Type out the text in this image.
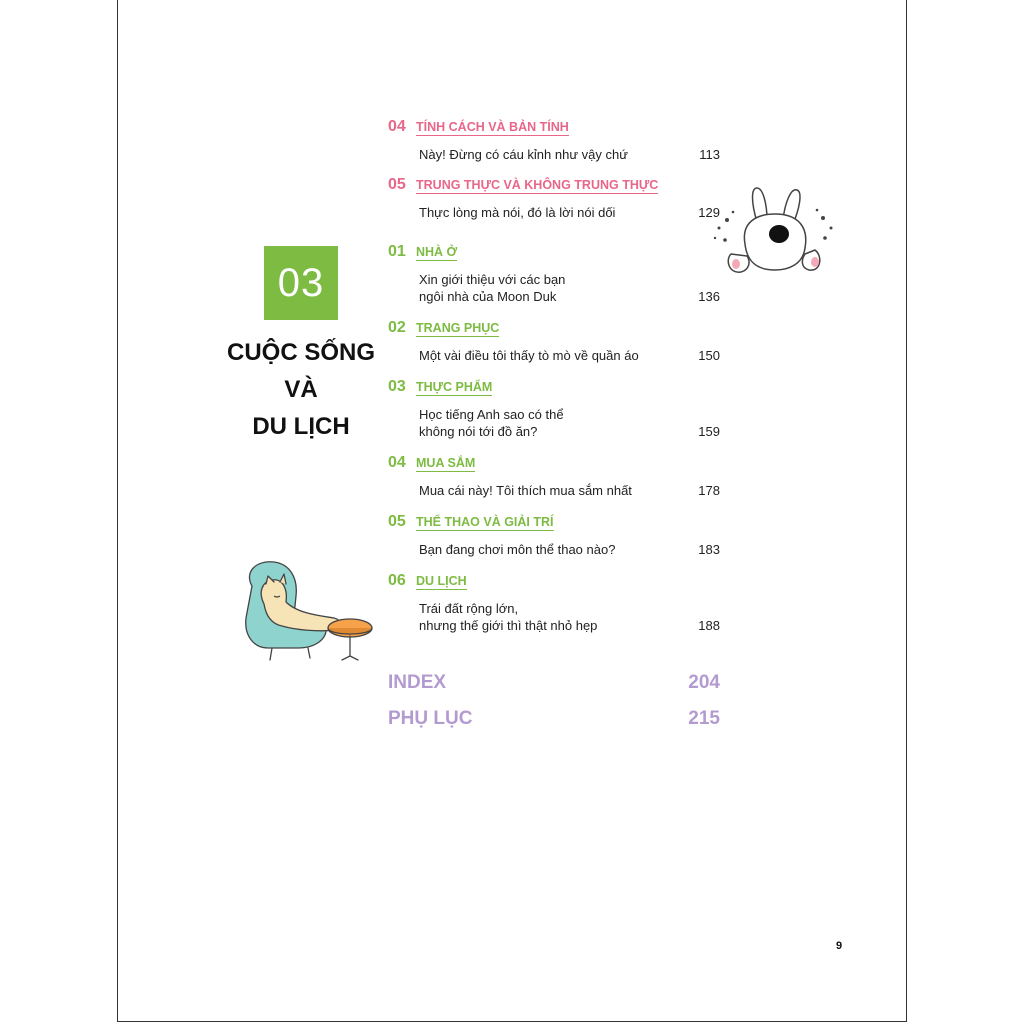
04 TÍNH CÁCH VÀ BẢN TÍNH
Này! Đừng có cáu kỉnh như vậy chứ	113
05 TRUNG THỰC VÀ KHÔNG TRUNG THỰC
Thực lòng mà nói, đó là lời nói dối	129
01 NHÀ Ở
Xin giới thiệu với các bạn
ngôi nhà của Moon Duk	136
02 TRANG PHỤC
Một vài điều tôi thấy tò mò về quần áo	150
03 THỰC PHẨM
Học tiếng Anh sao có thể
không nói tới đồ ăn?	159
04 MUA SẮM
Mua cái này! Tôi thích mua sắm nhất	178
05 THỂ THAO VÀ GIẢI TRÍ
Bạn đang chơi môn thể thao nào?	183
06 DU LỊCH
Trái đất rộng lớn,
nhưng thế giới thì thật nhỏ hẹp	188
INDEX	204
PHỤ LỤC	215
03
CUỘC SỐNG
VÀ
DU LỊCH
9
